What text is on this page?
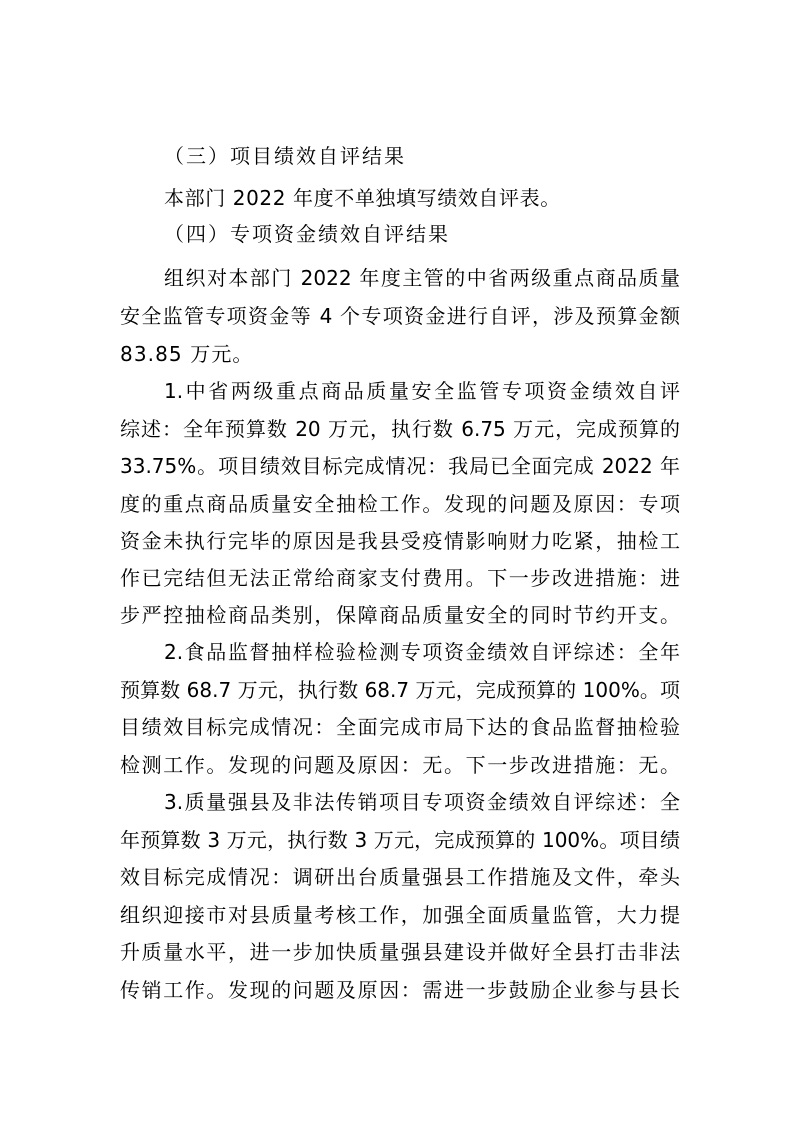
（三）项目绩效自评结果
本部门 2022 年度不单独填写绩效自评表。
（四）专项资金绩效自评结果
组织对本部门 2022 年度主管的中省两级重点商品质量
安全监管专项资金等 4 个专项资金进行自评，涉及预算金额
83.85 万元。
1.中省两级重点商品质量安全监管专项资金绩效自评
综述：全年预算数 20 万元，执行数 6.75 万元，完成预算的
33.75%。项目绩效目标完成情况：我局已全面完成 2022 年
度的重点商品质量安全抽检工作。发现的问题及原因：专项
资金未执行完毕的原因是我县受疫情影响财力吃紧，抽检工
作已完结但无法正常给商家支付费用。下一步改进措施：进
步严控抽检商品类别，保障商品质量安全的同时节约开支。
2.食品监督抽样检验检测专项资金绩效自评综述：全年
预算数 68.7 万元，执行数 68.7 万元，完成预算的 100%。项
目绩效目标完成情况：全面完成市局下达的食品监督抽检验
检测工作。发现的问题及原因：无。下一步改进措施：无。
3.质量强县及非法传销项目专项资金绩效自评综述：全
年预算数 3 万元，执行数 3 万元，完成预算的 100%。项目绩
效目标完成情况：调研出台质量强县工作措施及文件，牵头
组织迎接市对县质量考核工作，加强全面质量监管，大力提
升质量水平，进一步加快质量强县建设并做好全县打击非法
传销工作。发现的问题及原因：需进一步鼓励企业参与县长
